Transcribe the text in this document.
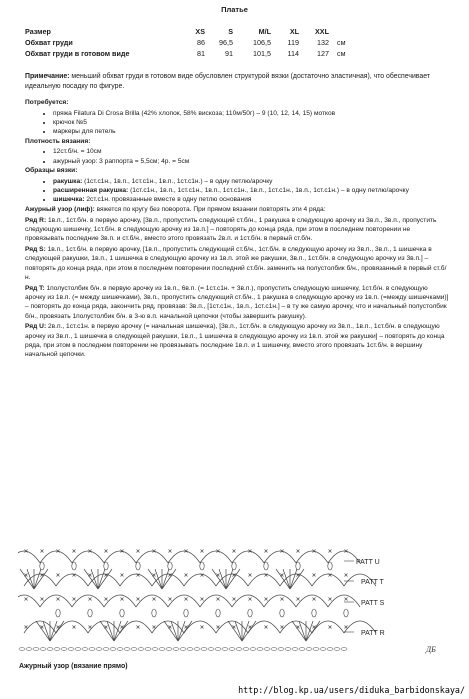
Платье
Размер	XS	S	M/L	XL	XXL	
Обхват груди	86	96,5	106,5	119	132	см
Обхват груди в готовом виде	81	91	101,5	114	127	см
Примечание: меньший обхват груди в готовом виде обусловлен структурой вязки (достаточно эластичная), что обеспечивает идеальную посадку по фигуре.

Потребуется:

• пряжа Filatura Di Crosa Brilla (42% хлопок, 58% вискоза; 110м/50г) – 9 (10, 12, 14, 15) мотков
• крючок №5
• маркеры для петель

Плотность вязания:

• 12ст.б/н. = 10см
• ажурный узор: 3 раппорта = 5,5см; 4р. = 5см

Образцы вязки:

• ракушка: (1ст.с1н., 1в.п., 1ст.с1н., 1в.п., 1ст.с1н.) – в одну петлю/арочку
• расширенная ракушка: (1ст.с1н., 1в.п., 1ст.с1н., 1в.п., 1ст.с1н., 1в.п., 1ст.с1н., 1в.п., 1ст.с1н.) – в одну петлю/арочку
• шишечка: 2ст.с1н. провязанные вместе в одну петлю основания

Ажурный узор (лиф): вяжется по кругу без поворота. При прямом вязании повторять эти 4 ряда:

Ряд R: 1в.п., 1ст.б/н. в первую арочку, [3в.п., пропустить следующий ст.б/н., 1 ракушка в следующую арочку из 3в.п., 3в.п., пропустить следующую шишечку, 1ст.б/н. в следующую арочку из 1в.п.] – повторять до конца ряда, при этом в последнем повторении не провязывать последние 3в.п. и ст.б/н., вместо этого провязать 2в.п. и 1ст.б/н. в первый ст.б/н.

Ряд S: 1в.п., 1ст.б/н. в первую арочку, [1в.п., пропустить следующий ст.б/н., 1ст.б/н. в следующую арочку из 3в.п., 3в.п., 1 шишечка в следующей ракушки, 1в.п., 1 шишечка в следующую арочку из 1в.п. этой же ракушки, 3в.п., 1ст.б/н. в следующую арочку из 3в.п.] – повторять до конца ряда, при этом в последнем повторении последний ст.б/н. заменить на полустолбик б/н., провязанный в первый ст.б/н.

Ряд T: 1полустолбик б/н. в первую арочку из 1в.п., 6в.п. (= 1ст.с1н. + 3в.п.), пропустить следующую шишечку, 1ст.б/н. в следующую арочку из 1в.п. (= между шишечками), 3в.п., пропустить следующий ст.б/н., 1 ракушка в следующую арочку из 1в.п. (=между шишечками)] – повторять до конца ряда, закончить ряд, провязав: 3в.п., [1ст.с1н., 1в.п., 1ст.с1н.] – в ту же самую арочку, что и начальный полустолбик б/н., провязать 1полустолбик б/н. в 3-ю в.п. начальной цепочки (чтобы завершить ракушку).

Ряд U: 2в.п., 1ст.с1н. в первую арочку (= начальная шишечка), [3в.п., 1ст.б/н. в следующую арочку из 3в.п., 1в.п., 1ст.б/н. в следующую арочку из 3в.п., 1 шишечка в следующей ракушки, 1в.п., 1 шишечка в следующую арочку из 1в.п. этой же ракушки] – повторять до конца ряда, при этом в последнем повторении не провязывать последние 1в.п. и 1 шишечку, вместо этого провязать 1ст.б/н. в вершину начальной цепочки.

PATT U
PATT T
PATT S
PATT R
ДБ
Ажурный узор (вязание прямо)
http://blog.kp.ua/users/diduka_barbidonskaya/
